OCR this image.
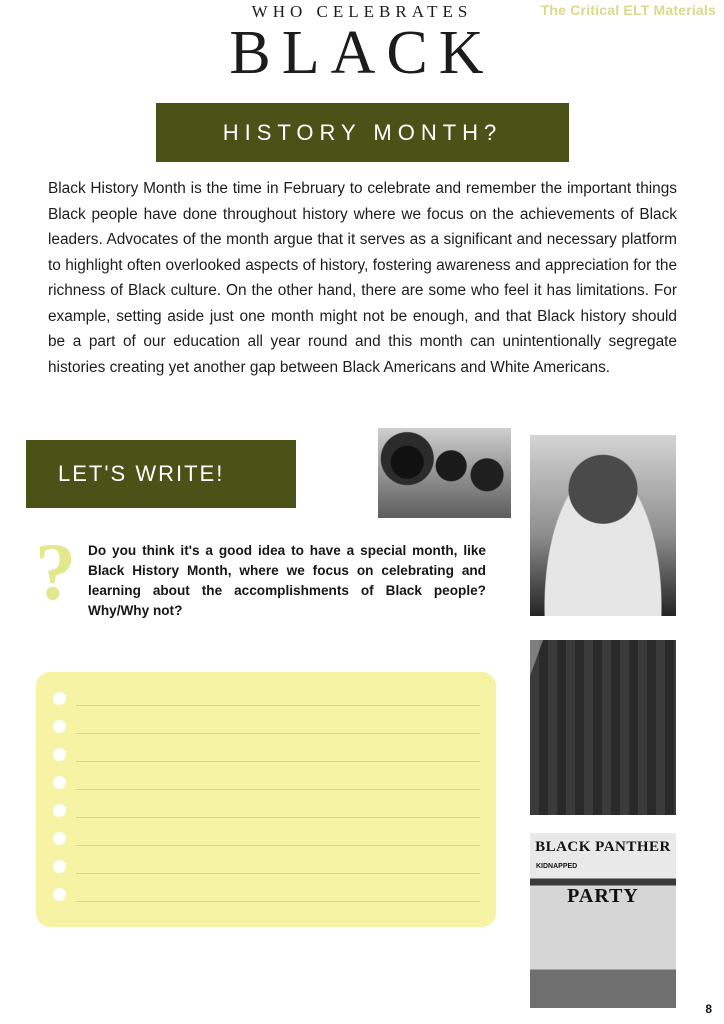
The Critical ELT Materials
WHO CELEBRATES
BLACK
HISTORY MONTH?
Black History Month is the time in February to celebrate and remember the important things Black people have done throughout history where we focus on the achievements of Black leaders. Advocates of the month argue that it serves as a significant and necessary platform to highlight often overlooked aspects of history, fostering awareness and appreciation for the richness of Black culture. On the other hand, there are some who feel it has limitations. For example, setting aside just one month might not be enough, and that Black history should be a part of our education all year round and this month can unintentionally segregate histories creating yet another gap between Black Americans and White Americans.
LET'S WRITE!
? Do you think it's a good idea to have a special month, like Black History Month, where we focus on celebrating and learning about the accomplishments of Black people? Why/Why not?
BLACK PANTHER
KIDNAPPED
PARTY
8
